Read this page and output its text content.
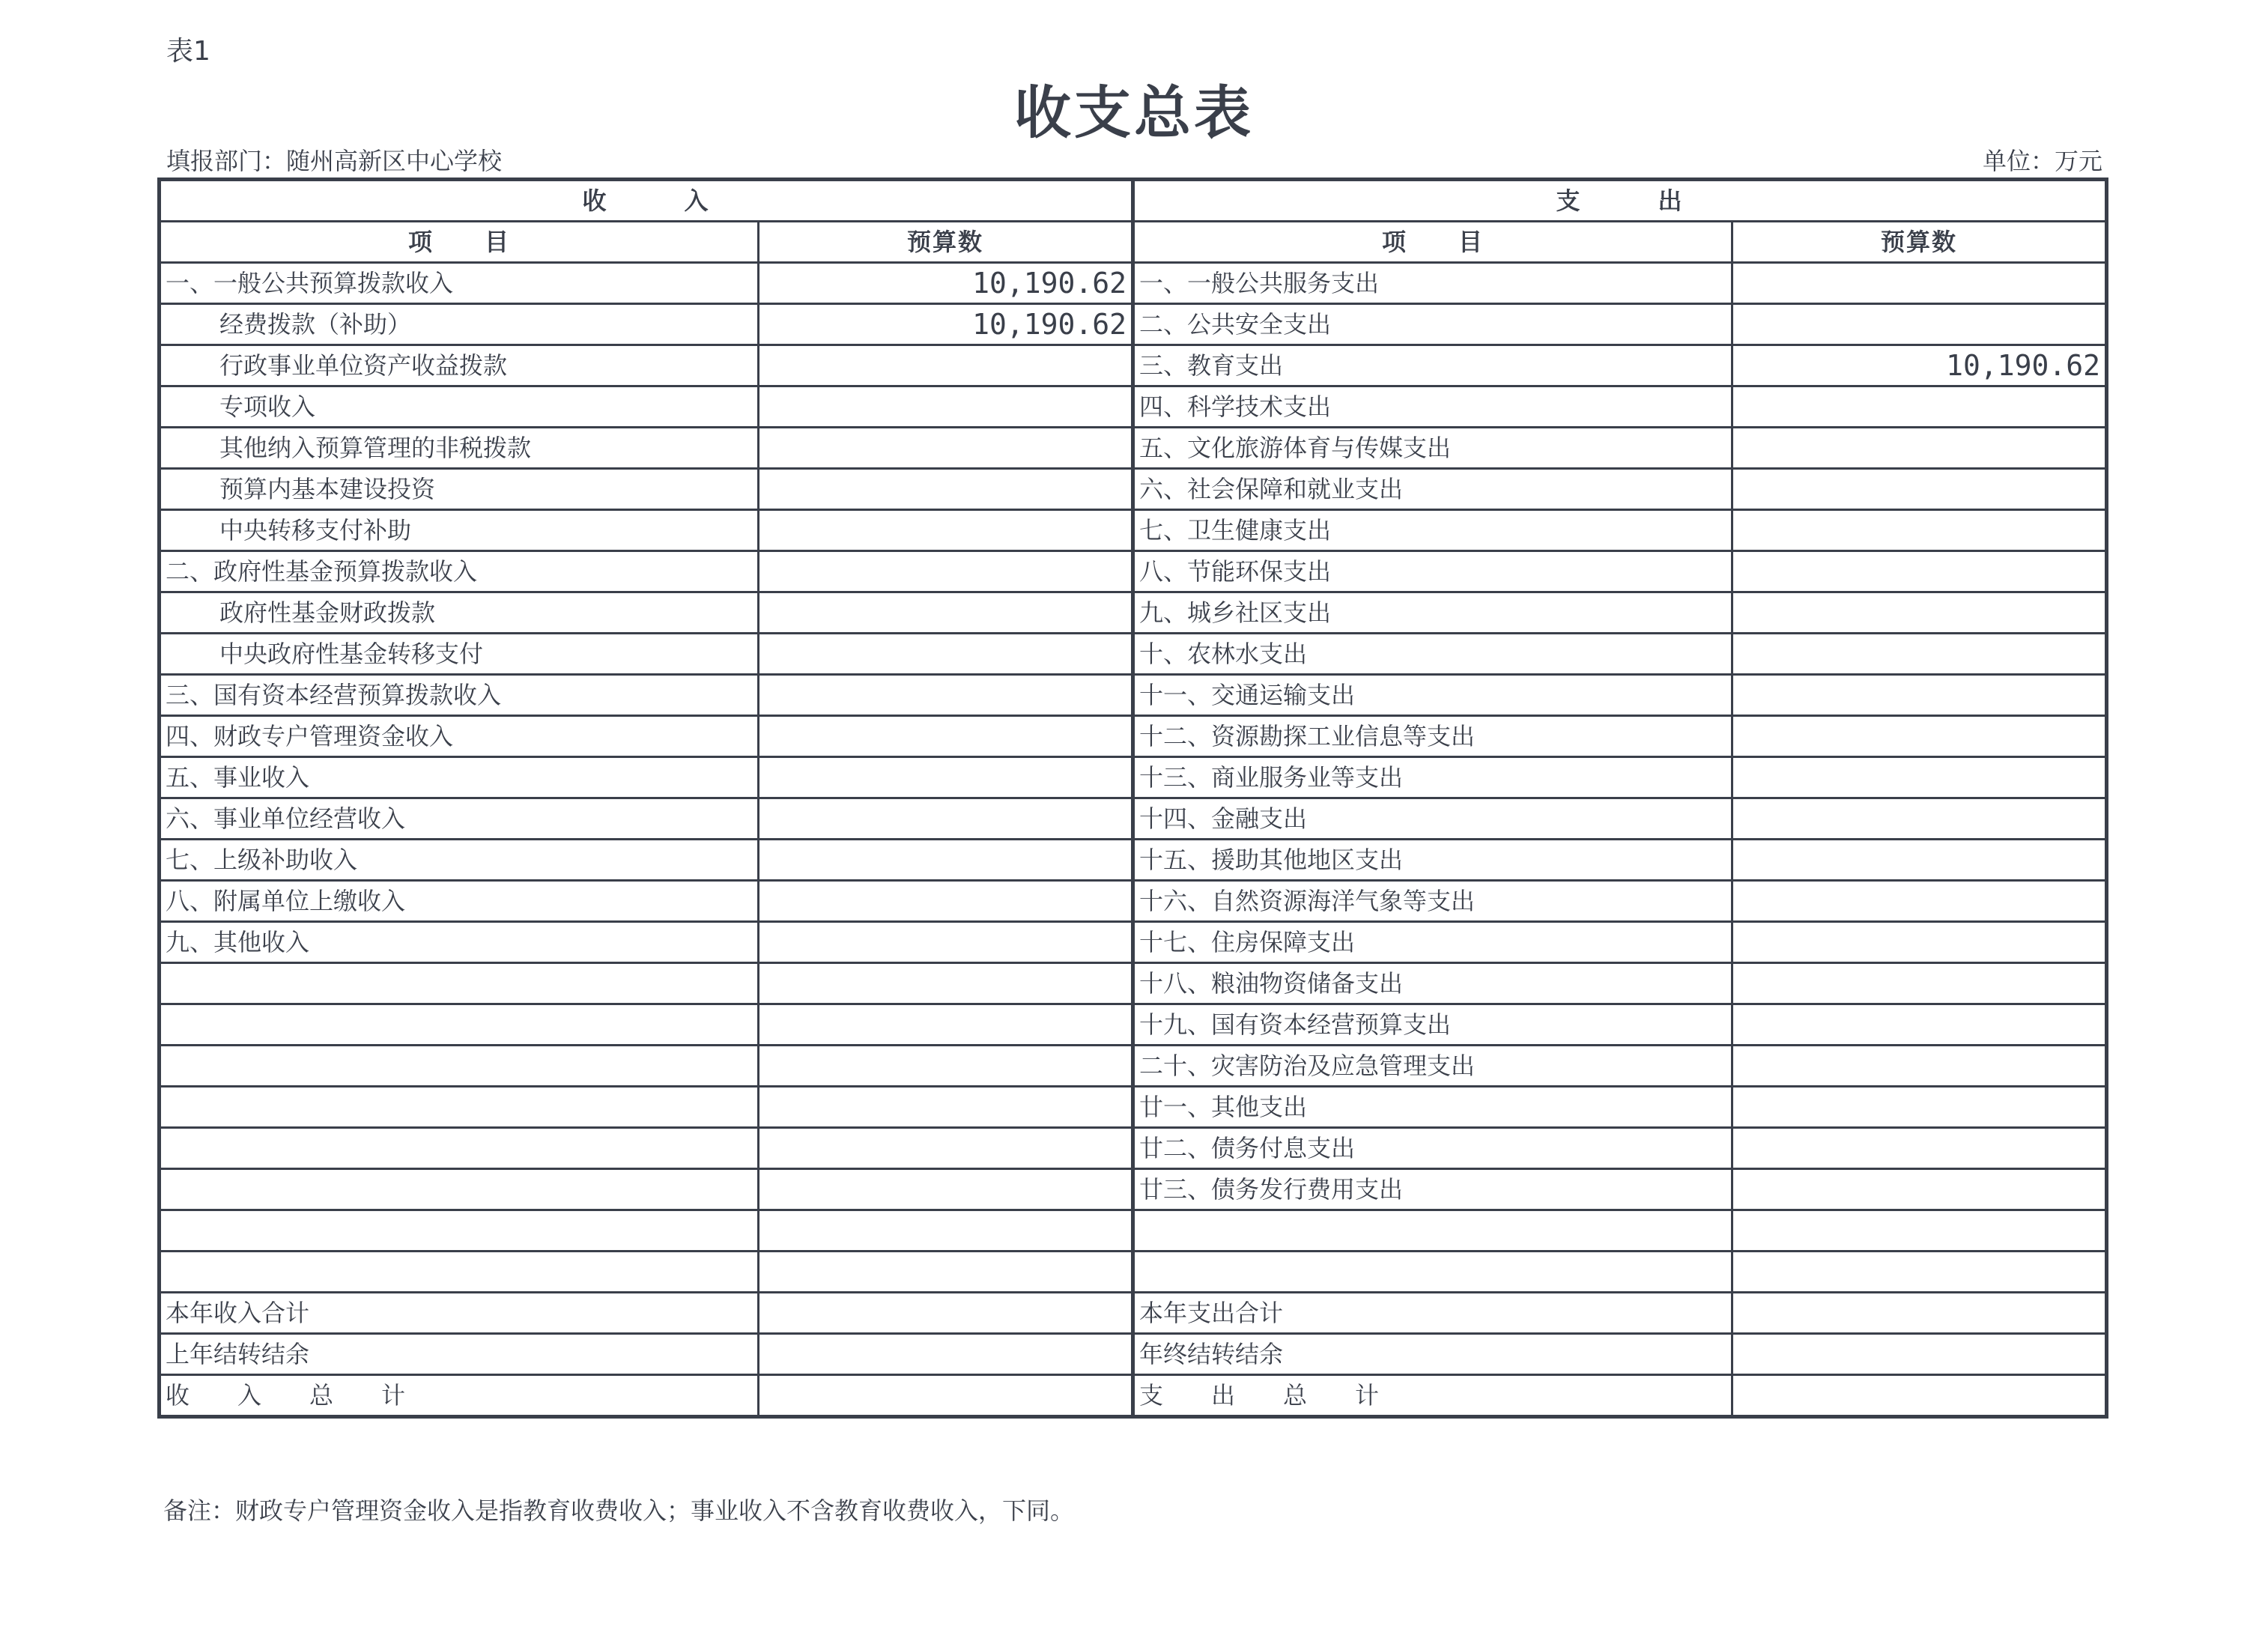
表1
收支总表
填报部门：随州高新区中心学校	单位：万元
收　　　入		支　　　出	
项　　目	预算数	项　　目	预算数
一、一般公共预算拨款收入	10,190.62	一、一般公共服务支出	
经费拨款（补助）	10,190.62	二、公共安全支出	
行政事业单位资产收益拨款		三、教育支出	10,190.62
专项收入		四、科学技术支出	
其他纳入预算管理的非税拨款		五、文化旅游体育与传媒支出	
预算内基本建设投资		六、社会保障和就业支出	
中央转移支付补助		七、卫生健康支出	
二、政府性基金预算拨款收入		八、节能环保支出	
政府性基金财政拨款		九、城乡社区支出	
中央政府性基金转移支付		十、农林水支出	
三、国有资本经营预算拨款收入		十一、交通运输支出	
四、财政专户管理资金收入		十二、资源勘探工业信息等支出	
五、事业收入		十三、商业服务业等支出	
六、事业单位经营收入		十四、金融支出	
七、上级补助收入		十五、援助其他地区支出	
八、附属单位上缴收入		十六、自然资源海洋气象等支出	
九、其他收入		十七、住房保障支出	
		十八、粮油物资储备支出	
		十九、国有资本经营预算支出	
		二十、灾害防治及应急管理支出	
		廿一、其他支出	
		廿二、债务付息支出	
		廿三、债务发行费用支出	

本年收入合计		本年支出合计	
上年结转结余		年终结转结余	
收　　入　　总　　计		支　　出　　总　　计	
备注：财政专户管理资金收入是指教育收费收入；事业收入不含教育收费收入，下同。
